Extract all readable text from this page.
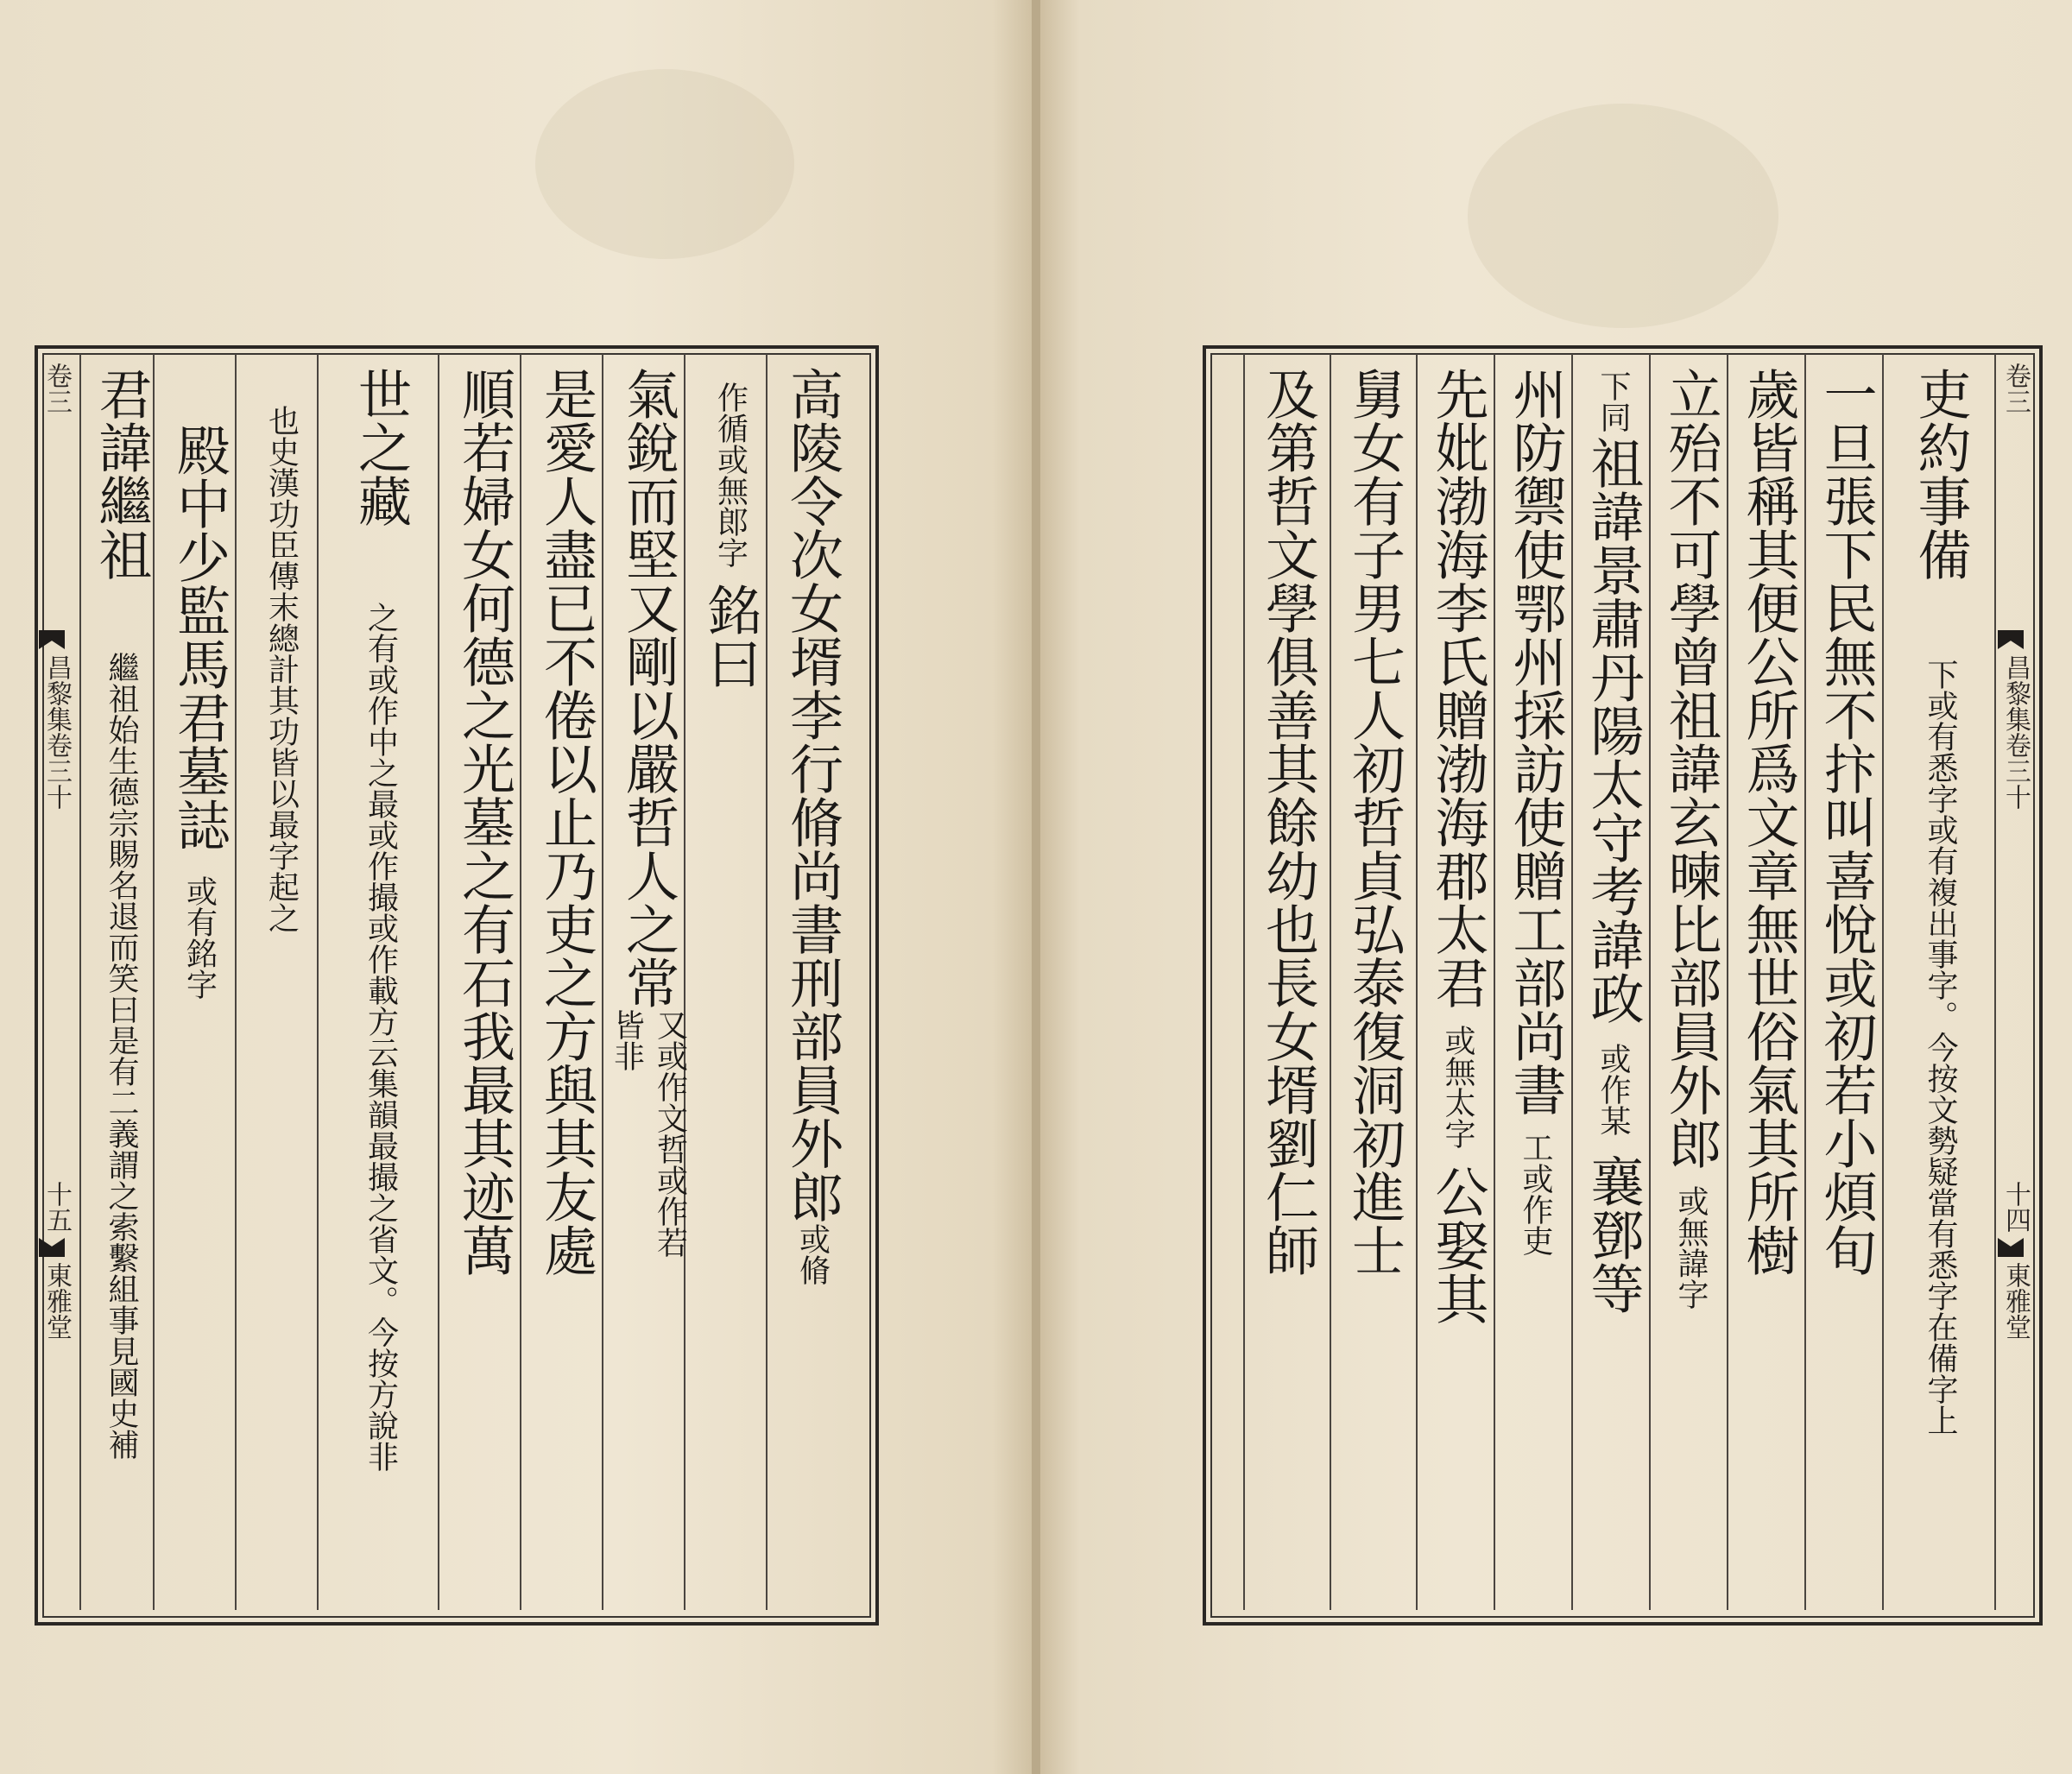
高陵令次女壻李行脩尚書刑部員外郎
或脩
作循或無郎字
銘曰
氣銳而堅又剛以嚴哲人之常
又或作文哲或作若皆非
是愛人盡已不倦以止乃吏之方與其友處
順若婦女何德之光墓之有石我最其迹萬
世之藏
之有或作中之最或作撮或作載方云集韻最撮之省文。今按方說非
也史漢功臣傳末總計其功皆以最字起之
殿中少監馬君墓誌
或有銘字
君諱繼祖
繼祖始生德宗賜名退而笑曰是有二義謂之索繫組事見國史補
卷三
昌黎集卷三十
十五
東雅堂
吏約事備
下或有悉字或有複出事字。今按文勢疑當有悉字在備字上
一旦張下民無不抃叫喜悅或初若小煩旬
歲皆稱其便公所爲文章無世俗氣其所樹
立殆不可學曾祖諱玄暕比部員外郎
或無諱字
下同
祖諱景肅丹陽太守考諱政
或作某
襄鄧等
州防禦使鄂州採訪使贈工部尚書
工或作吏
先妣渤海李氏贈渤海郡太君
或無太字
公娶其
舅女有子男七人初哲貞弘泰復洞初進士
及第哲文學俱善其餘幼也長女壻劉仁師	卷三
昌黎集卷三十
十四
東雅堂
